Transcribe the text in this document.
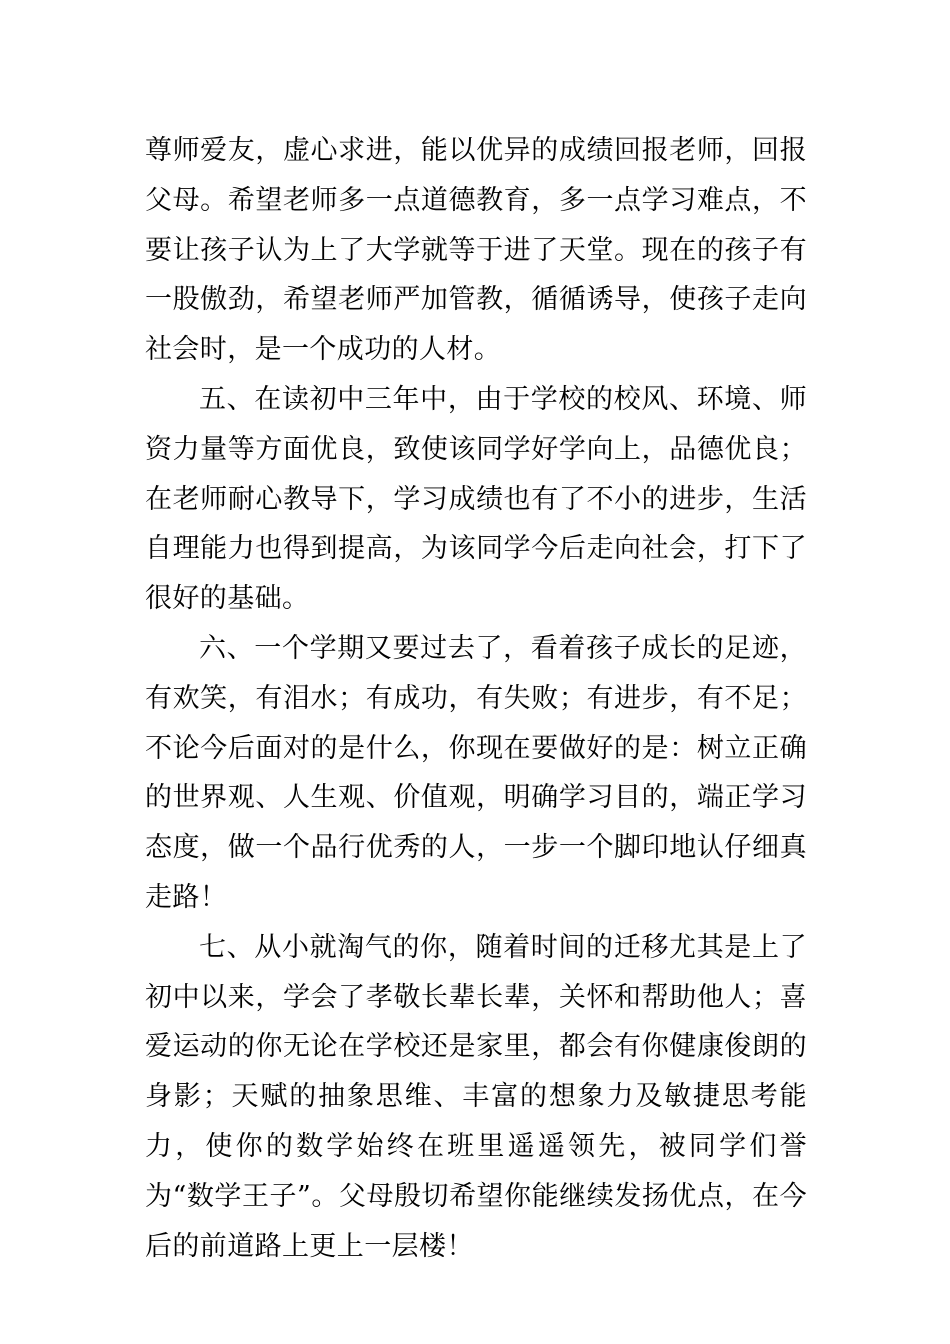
尊师爱友，虚心求进，能以优异的成绩回报老师，回报父母。希望老师多一点道德教育，多一点学习难点，不要让孩子认为上了大学就等于进了天堂。现在的孩子有一股傲劲，希望老师严加管教，循循诱导，使孩子走向社会时，是一个成功的人材。

五、在读初中三年中，由于学校的校风、环境、师资力量等方面优良，致使该同学好学向上，品德优良；在老师耐心教导下，学习成绩也有了不小的进步，生活自理能力也得到提高，为该同学今后走向社会，打下了很好的基础。

六、一个学期又要过去了，看着孩子成长的足迹，有欢笑，有泪水；有成功，有失败；有进步，有不足；不论今后面对的是什么，你现在要做好的是：树立正确的世界观、人生观、价值观，明确学习目的，端正学习态度，做一个品行优秀的人，一步一个脚印地认仔细真走路！

七、从小就淘气的你，随着时间的迁移尤其是上了初中以来，学会了孝敬长辈长辈，关怀和帮助他人；喜爱运动的你无论在学校还是家里，都会有你健康俊朗的身影；天赋的抽象思维、丰富的想象力及敏捷思考能力，使你的数学始终在班里遥遥领先，被同学们誉为“数学王子”。父母殷切希望你能继续发扬优点，在今后的前道路上更上一层楼！
